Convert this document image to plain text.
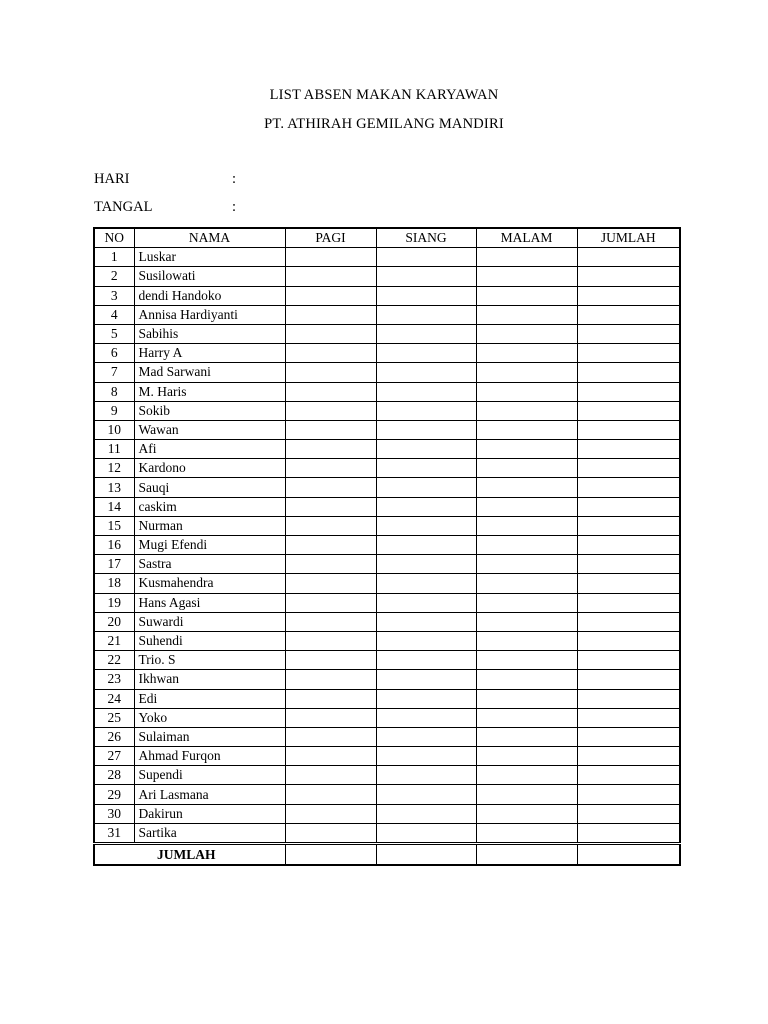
LIST ABSEN MAKAN KARYAWAN
PT. ATHIRAH GEMILANG MANDIRI
HARI	:
TANGAL	:
NO	NAMA	PAGI	SIANG	MALAM	JUMLAH
1	Luskar				
2	Susilowati				
3	dendi Handoko				
4	Annisa Hardiyanti				
5	Sabihis				
6	Harry A				
7	Mad Sarwani				
8	M. Haris				
9	Sokib				
10	Wawan				
11	Afi				
12	Kardono				
13	Sauqi				
14	caskim				
15	Nurman				
16	Mugi Efendi				
17	Sastra				
18	Kusmahendra				
19	Hans Agasi				
20	Suwardi				
21	Suhendi				
22	Trio. S				
23	Ikhwan				
24	Edi				
25	Yoko				
26	Sulaiman				
27	Ahmad Furqon				
28	Supendi				
29	Ari Lasmana				
30	Dakirun				
31	Sartika				
JUMLAH					
